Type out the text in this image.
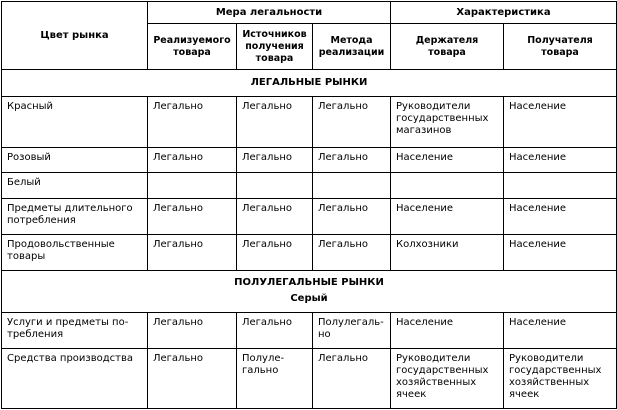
Цвет рынка	Мера легальности			Характеристика	
	Реализуемого товара	Источников получения товара	Метода реализации	Держателя товара	Получателя товара

ЛЕГАЛЬНЫЕ РЫНКИ					

Красный	Легально	Легально	Легально	Руководители государственных магазинов	Население
Розовый	Легально	Легально	Легально	Население	Население
Белый					
Предметы длительного потребления	Легально	Легально	Легально	Население	Население
Продовольственные товары	Легально	Легально	Легально	Колхозники	Население

ПОЛУЛЕГАЛЬНЫЕ РЫНКИ
Серый					

Услуги и предметы по-требления	Легально	Легально	Полулегаль-но	Население	Население
Средства производства	Легально	Полуле-гально	Легально	Руководители государственных хозяйственных ячеек	Руководители государственных хозяйственных ячеек
